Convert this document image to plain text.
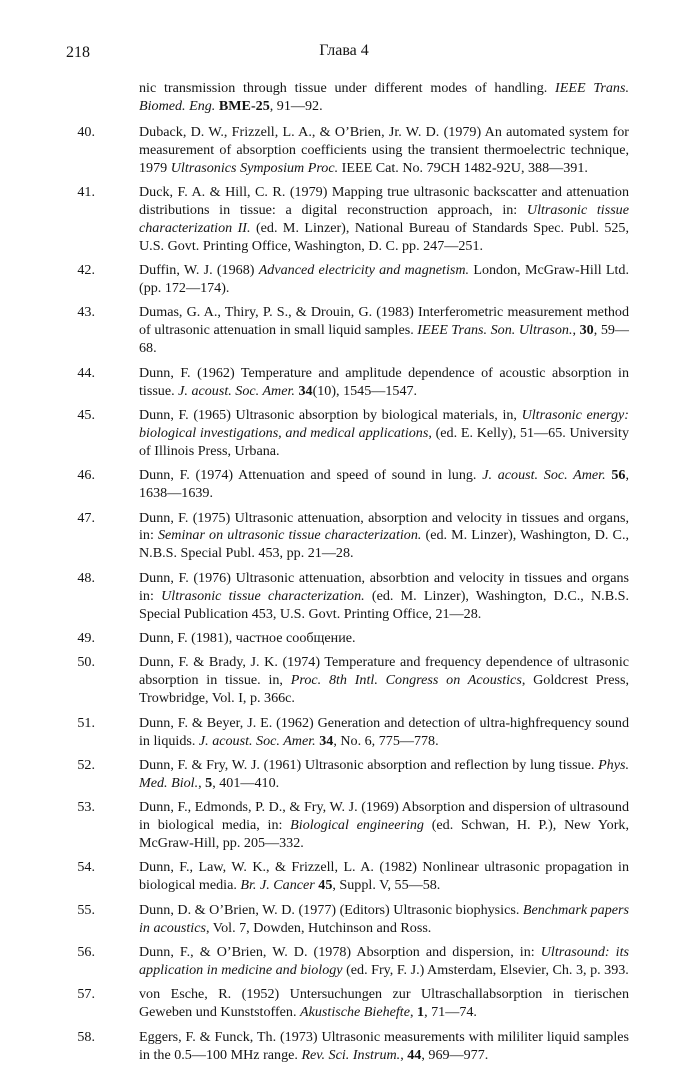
218	Глава 4
nic transmission through tissue under different modes of handling. IEEE Trans. Biomed. Eng. BME-25, 91—92.
40.	Duback, D. W., Frizzell, L. A., & O’Brien, Jr. W. D. (1979) An automated system for measurement of absorption coefficients using the transient thermoelectric technique, 1979 Ultrasonics Symposium Proc. IEEE Cat. No. 79CH 1482-92U, 388—391.
41.	Duck, F. A. & Hill, C. R. (1979) Mapping true ultrasonic backscatter and attenuation distributions in tissue: a digital reconstruction approach, in: Ultrasonic tissue characterization II. (ed. M. Linzer), National Bureau of Standards Spec. Publ. 525, U.S. Govt. Printing Office, Washington, D. C. pp. 247—251.
42.	Duffin, W. J. (1968) Advanced electricity and magnetism. London, McGraw-Hill Ltd. (pp. 172—174).
43.	Dumas, G. A., Thiry, P. S., & Drouin, G. (1983) Interferometric measurement method of ultrasonic attenuation in small liquid samples. IEEE Trans. Son. Ultrason., 30, 59—68.
44.	Dunn, F. (1962) Temperature and amplitude dependence of acoustic absorption in tissue. J. acoust. Soc. Amer. 34(10), 1545—1547.
45.	Dunn, F. (1965) Ultrasonic absorption by biological materials, in, Ultrasonic energy: biological investigations, and medical applications, (ed. E. Kelly), 51—65. University of Illinois Press, Urbana.
46.	Dunn, F. (1974) Attenuation and speed of sound in lung. J. acoust. Soc. Amer. 56, 1638—1639.
47.	Dunn, F. (1975) Ultrasonic attenuation, absorption and velocity in tissues and organs, in: Seminar on ultrasonic tissue characterization. (ed. M. Linzer), Washington, D. C., N.B.S. Special Publ. 453, pp. 21—28.
48.	Dunn, F. (1976) Ultrasonic attenuation, absorbtion and velocity in tissues and organs in: Ultrasonic tissue characterization. (ed. M. Linzer), Washington, D.C., N.B.S. Special Publication 453, U.S. Govt. Printing Office, 21—28.
49.	Dunn, F. (1981), частное сообщение.
50.	Dunn, F. & Brady, J. K. (1974) Temperature and frequency dependence of ultrasonic absorption in tissue. in, Proc. 8th Intl. Congress on Acoustics, Goldcrest Press, Trowbridge, Vol. I, p. 366c.
51.	Dunn, F. & Beyer, J. E. (1962) Generation and detection of ultra-highfrequency sound in liquids. J. acoust. Soc. Amer. 34, No. 6, 775—778.
52.	Dunn, F. & Fry, W. J. (1961) Ultrasonic absorption and reflection by lung tissue. Phys. Med. Biol., 5, 401—410.
53.	Dunn, F., Edmonds, P. D., & Fry, W. J. (1969) Absorption and dispersion of ultrasound in biological media, in: Biological engineering (ed. Schwan, H. P.), New York, McGraw-Hill, pp. 205—332.
54.	Dunn, F., Law, W. K., & Frizzell, L. A. (1982) Nonlinear ultrasonic propagation in biological media. Br. J. Cancer 45, Suppl. V, 55—58.
55.	Dunn, D. & O’Brien, W. D. (1977) (Editors) Ultrasonic biophysics. Benchmark papers in acoustics, Vol. 7, Dowden, Hutchinson and Ross.
56.	Dunn, F., & O’Brien, W. D. (1978) Absorption and dispersion, in: Ultrasound: its application in medicine and biology (ed. Fry, F. J.) Amsterdam, Elsevier, Ch. 3, p. 393.
57.	von Esche, R. (1952) Untersuchungen zur Ultraschallabsorption in tierischen Geweben und Kunststoffen. Akustische Biehefte, 1, 71—74.
58.	Eggers, F. & Funck, Th. (1973) Ultrasonic measurements with mililiter liquid samples in the 0.5—100 MHz range. Rev. Sci. Instrum., 44, 969—977.
